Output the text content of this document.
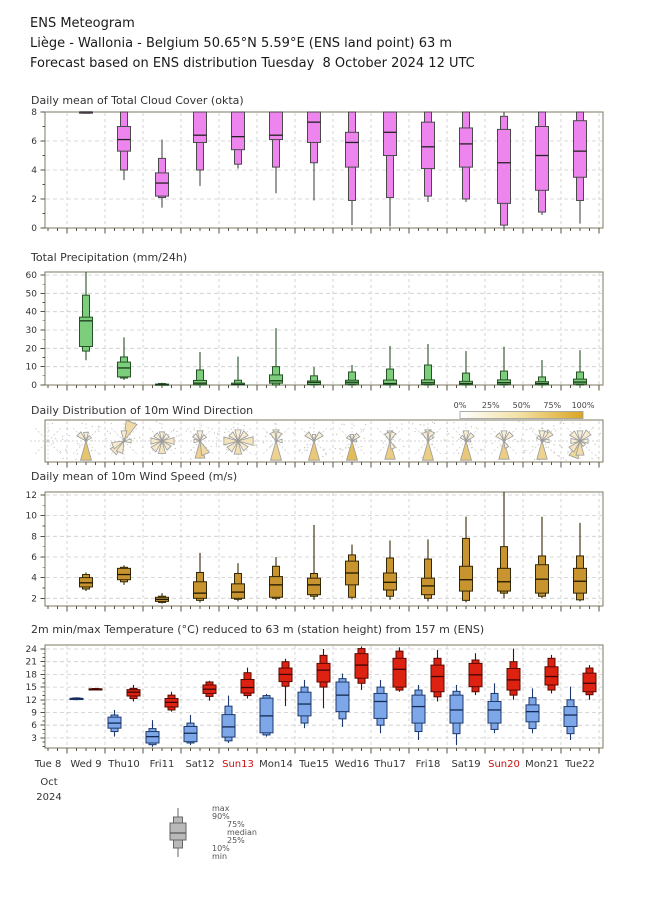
ENS Meteogram
Liège - Wallonia - Belgium 50.65°N 5.59°E (ENS land point) 63 m
Forecast based on ENS distribution Tuesday  8 October 2024 12 UTC
Daily mean of Total Cloud Cover (okta)
Total Precipitation (mm/24h)
Daily Distribution of 10m Wind Direction
Daily mean of 10m Wind Speed (m/s)
2m min/max Temperature (°C) reduced to 63 m (station height) from 157 m (ENS)
0
2
4
6
8
0
10
20
30
40
50
60
2
4
6
8
10
12
0% 25% 50% 75% 100%
3
6
9
12
15
18
21
24
max
90%
75%
median
25%
10%
min
Tue 8 Wed 9 Thu10 Fri11	Sat12 Sun13 Mon14 Tue15 Wed16 Thu17 Fri18	Sat19 Sun20 Mon21 Tue22
Oct
2024
